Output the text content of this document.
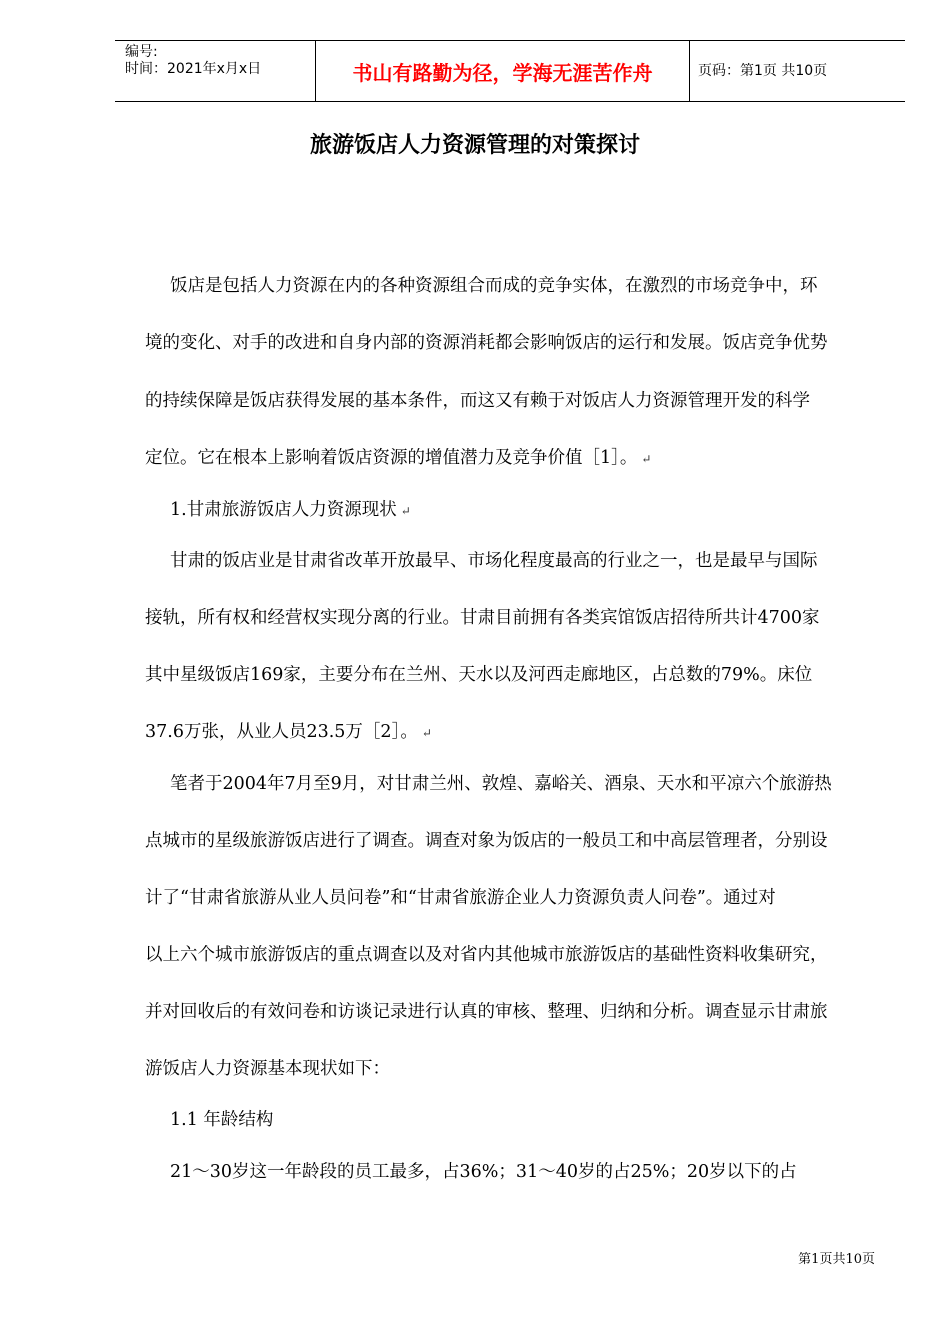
编号:
时间：2021年x月x日	书山有路勤为径，学海无涯苦作舟	页码：第1页 共10页
旅游饭店人力资源管理的对策探讨
饭店是包括人力资源在内的各种资源组合而成的竞争实体，在激烈的市场竞争中，环
境的变化、对手的改进和自身内部的资源消耗都会影响饭店的运行和发展。饭店竞争优势
的持续保障是饭店获得发展的基本条件，而这又有赖于对饭店人力资源管理开发的科学
定位。它在根本上影响着饭店资源的增值潜力及竞争价值［1］。 ↵
1.甘肃旅游饭店人力资源现状 ↵
甘肃的饭店业是甘肃省改革开放最早、市场化程度最高的行业之一，也是最早与国际
接轨，所有权和经营权实现分离的行业。甘肃目前拥有各类宾馆饭店招待所共计4700家
其中星级饭店169家，主要分布在兰州、天水以及河西走廊地区，占总数的79%。床位
37.6万张，从业人员23.5万［2］。 ↵
笔者于2004年7月至9月，对甘肃兰州、敦煌、嘉峪关、酒泉、天水和平凉六个旅游热
点城市的星级旅游饭店进行了调查。调查对象为饭店的一般员工和中高层管理者，分别设
计了“甘肃省旅游从业人员问卷”和“甘肃省旅游企业人力资源负责人问卷”。通过对
以上六个城市旅游饭店的重点调查以及对省内其他城市旅游饭店的基础性资料收集研究，
并对回收后的有效问卷和访谈记录进行认真的审核、整理、归纳和分析。调查显示甘肃旅
游饭店人力资源基本现状如下：
1.1 年龄结构
21～30岁这一年龄段的员工最多，占36%；31～40岁的占25%；20岁以下的占
第1页共10页
